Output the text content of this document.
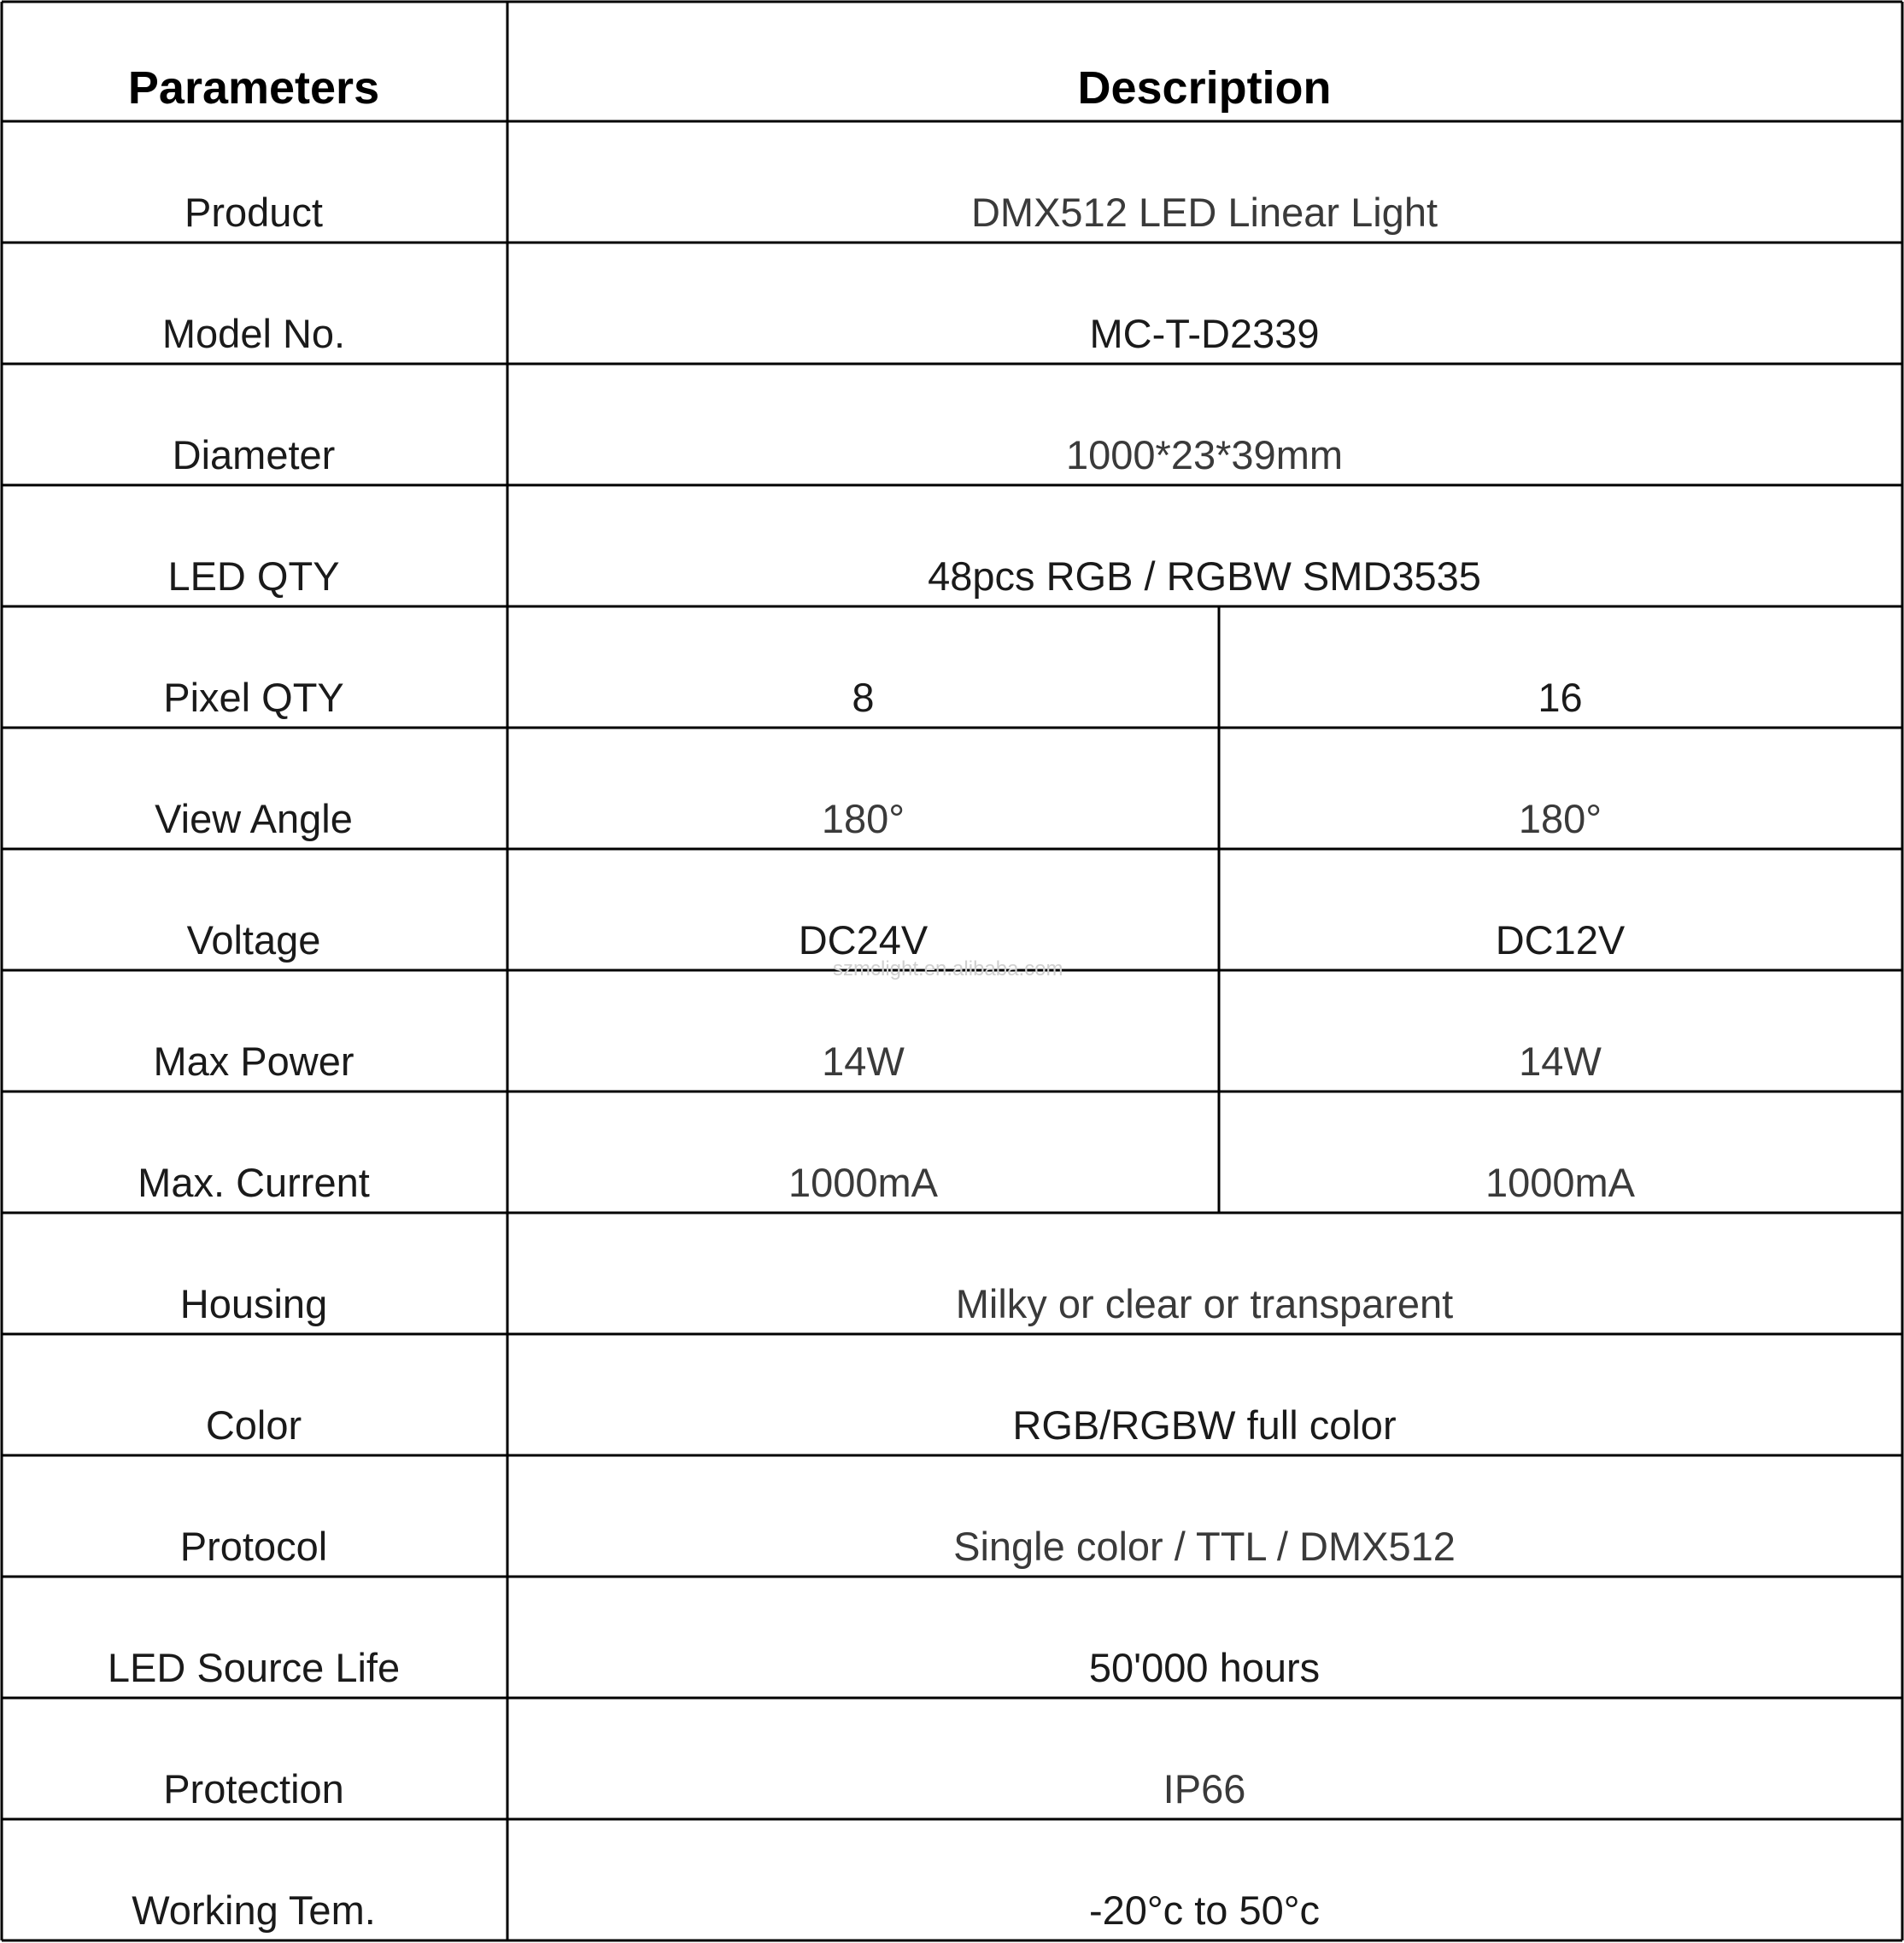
Parameters	Description
Product	DMX512 LED Linear Light
Model No.	MC-T-D2339
Diameter	1000*23*39mm
LED QTY	48pcs RGB / RGBW SMD3535
Pixel QTY	8	16
View Angle	180°	180°
Voltage	DC24V	DC12V
Max Power	14W	14W
Max. Current	1000mA	1000mA
Housing	Milky or clear or transparent
Color	RGB/RGBW full color
Protocol	Single color / TTL / DMX512
LED Source Life	50'000 hours
Protection	IP66
Working Tem.	-20°c to 50°c
szmclight.en.alibaba.com
